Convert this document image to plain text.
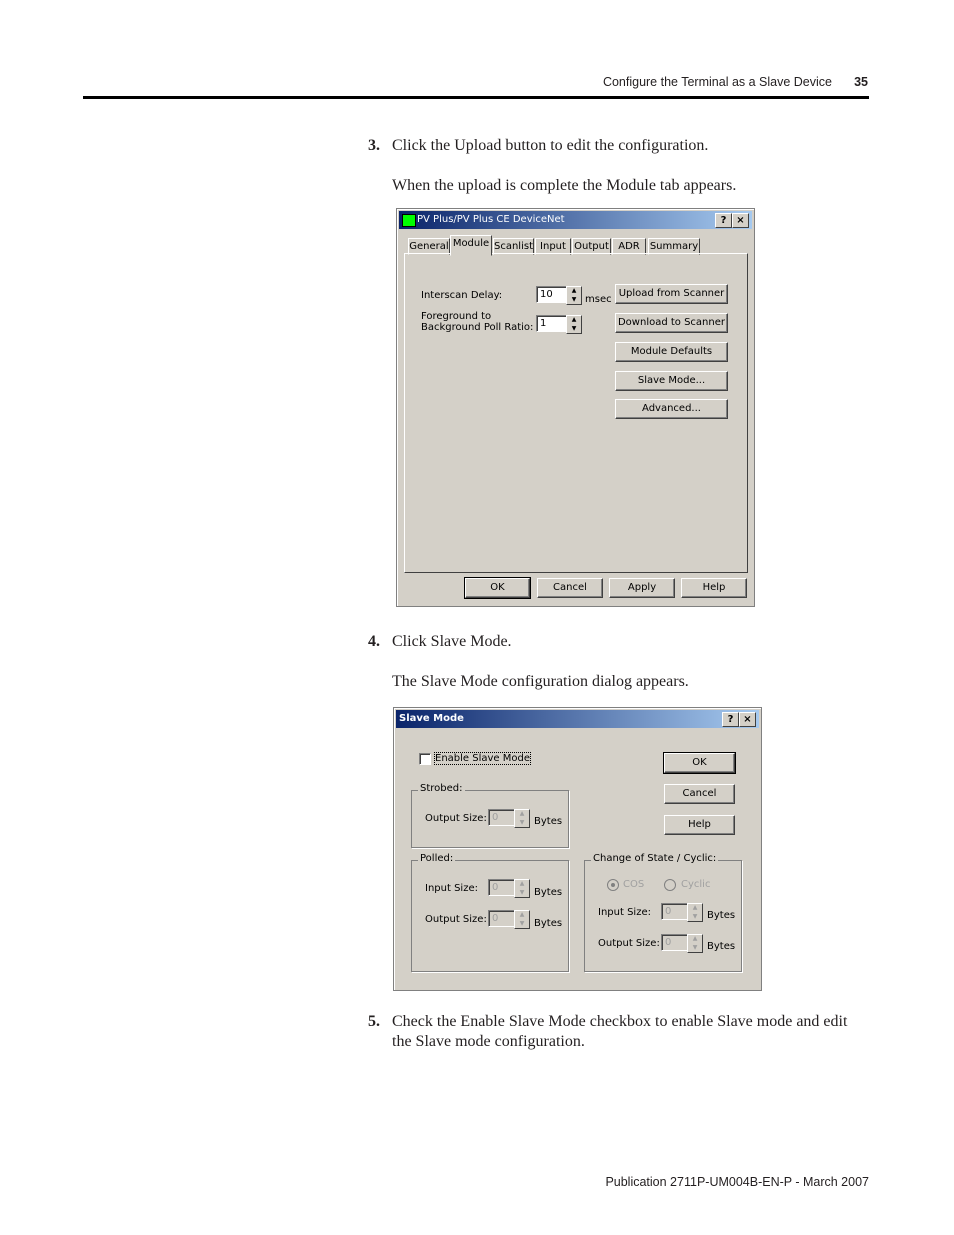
Configure the Terminal as a Slave Device	35
3. Click the Upload button to edit the configuration.
When the upload is complete the Module tab appears.
PV Plus/PV Plus CE DeviceNet	? ×
General Module Scanlist Input Output ADR	Summary
Interscan Delay:	10	▲
▼ msec
Foreground to
Background Poll Ratio: 1	▲
▼
Upload from Scanner
Download to Scanner
Module Defaults
Slave Mode...
Advanced...
OK	Cancel	Apply	Help
4. Click Slave Mode.
The Slave Mode configuration dialog appears.
Slave Mode	? ×
Enable Slave Mode	OK
Cancel
Help
Strobed:
Output Size: 0	▲
▼ Bytes
Polled:
Input Size:	0	▲
▼ Bytes
Output Size: 0	▲
▼ Bytes
Change of State / Cyclic:
COS	Cyclic
Input Size:	0	▲
▼ Bytes
Output Size: 0	▲
▼ Bytes
5. Check the Enable Slave Mode checkbox to enable Slave mode and edit the Slave mode configuration.
Publication 2711P-UM004B-EN-P - March 2007
